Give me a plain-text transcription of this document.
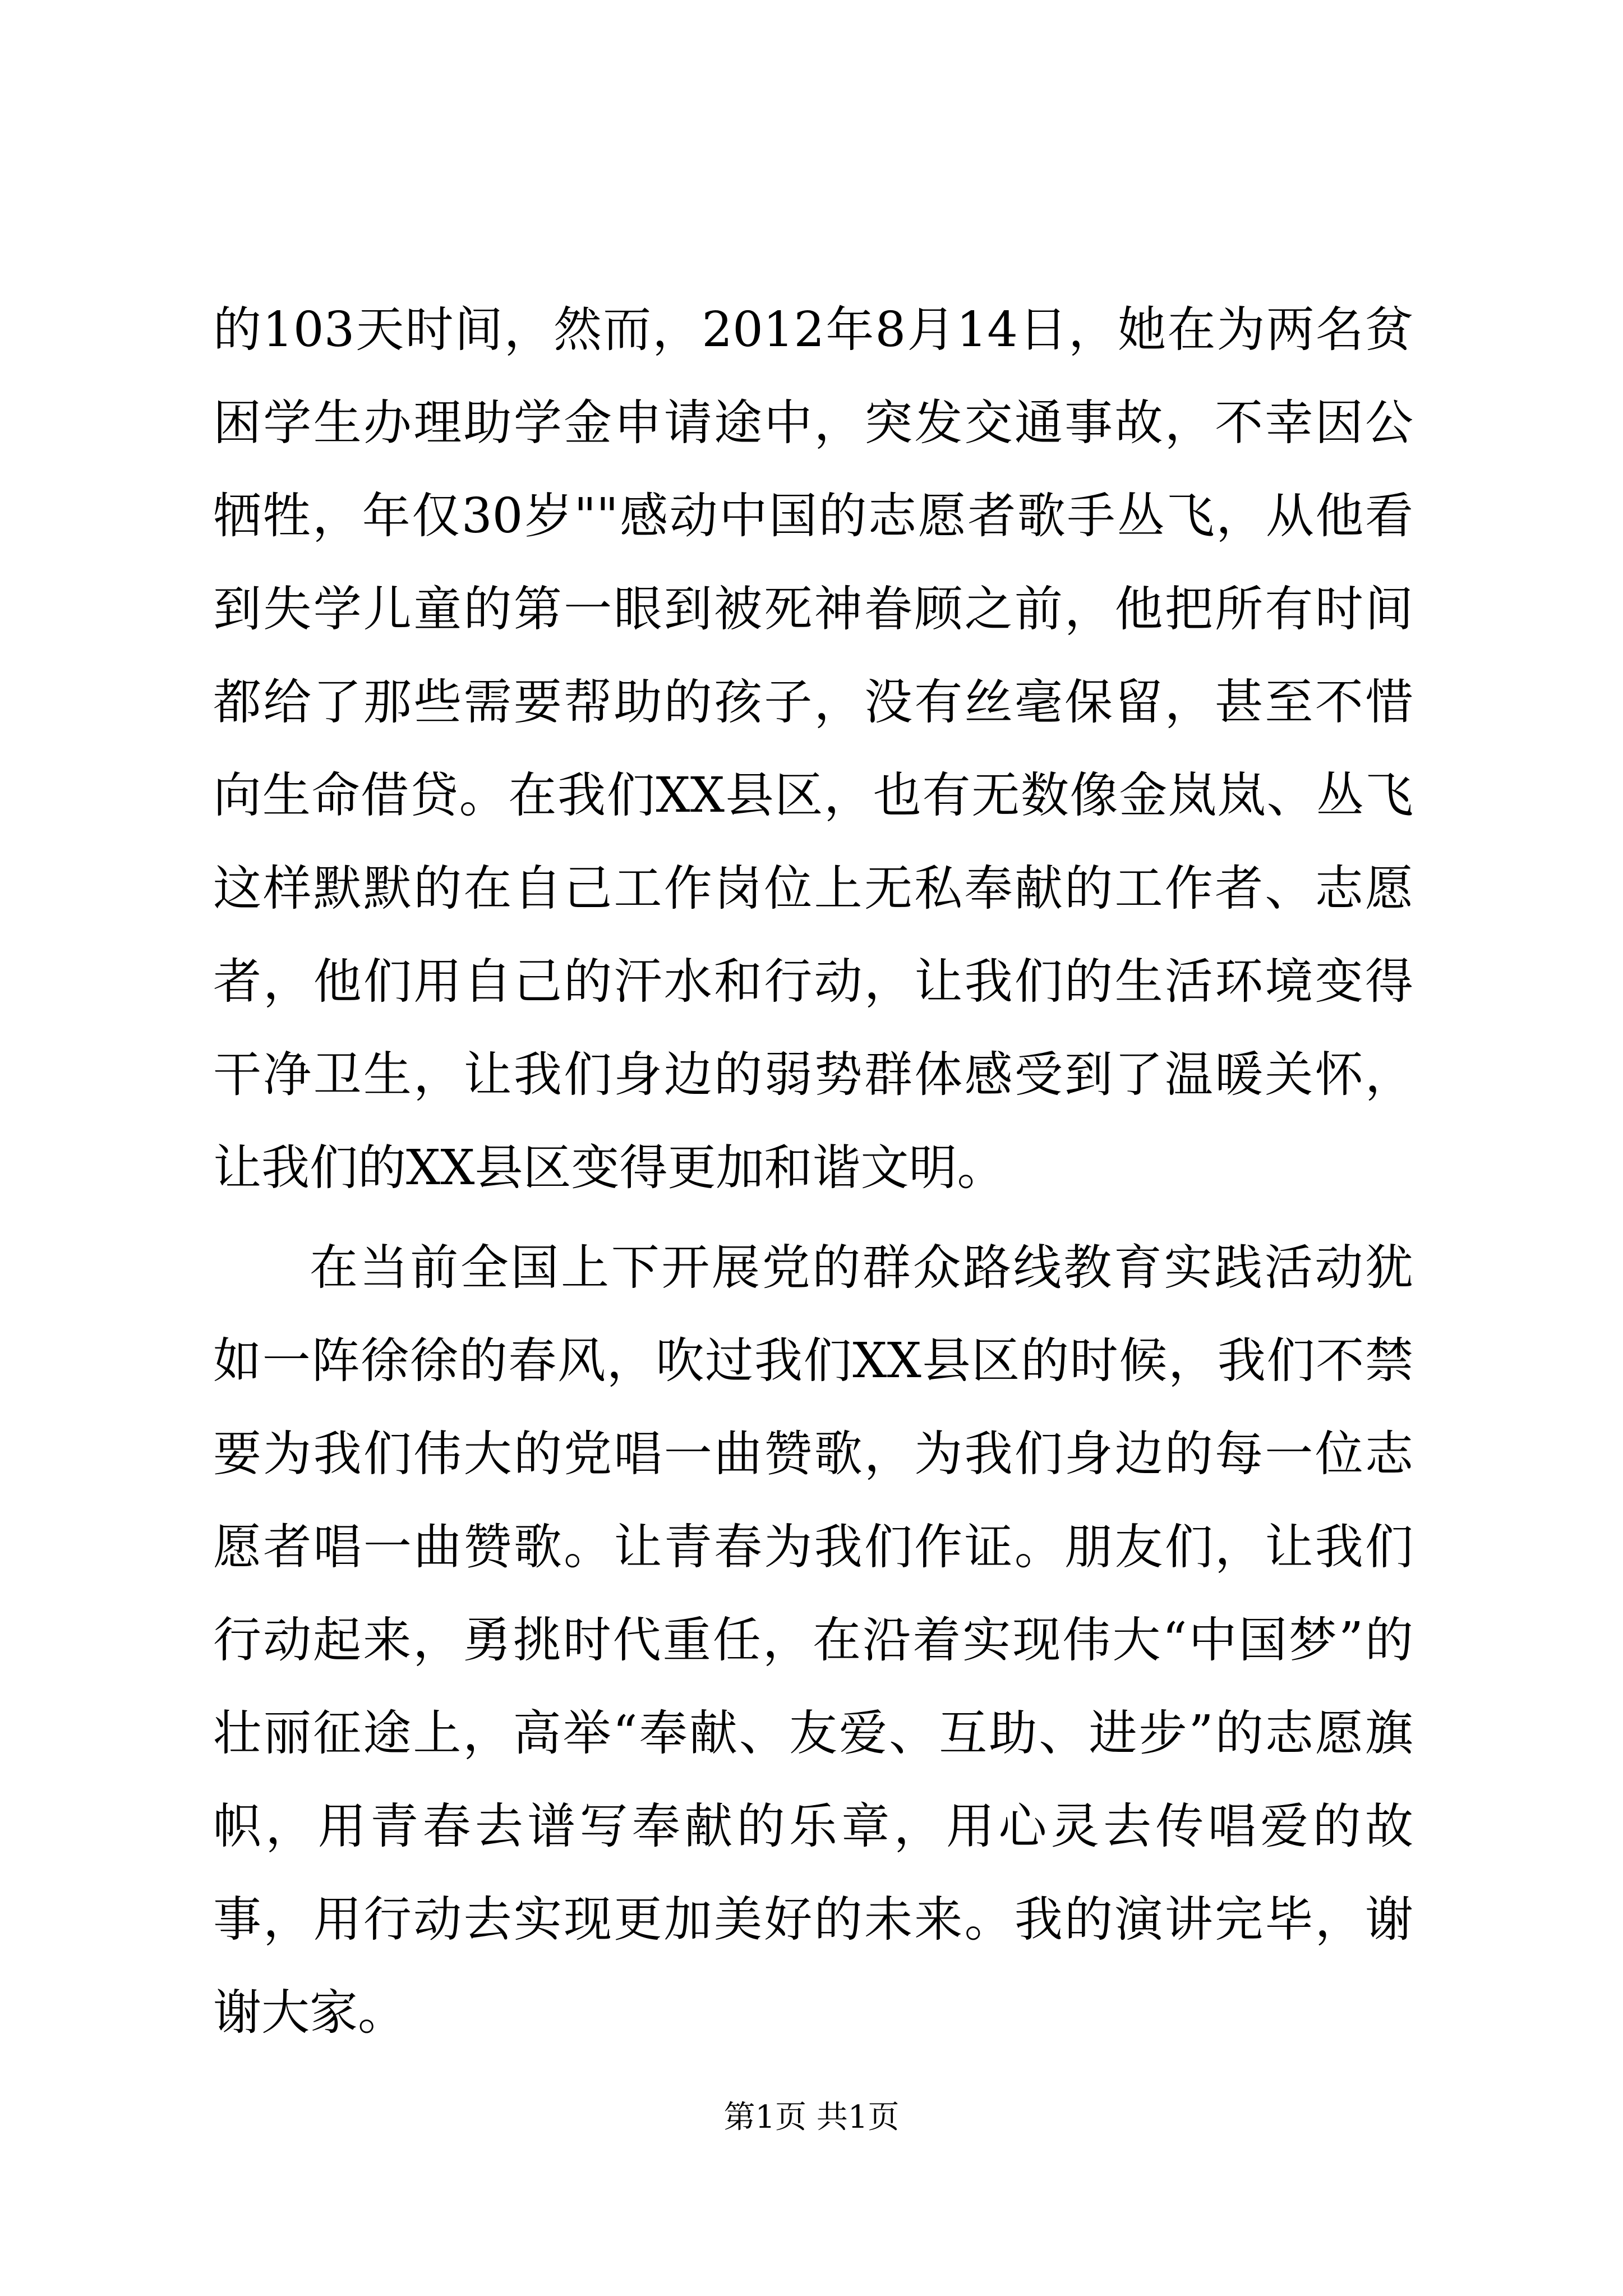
的103天时间，然而，2012年8月14日，她在为两名贫困学生办理助学金申请途中，突发交通事故，不幸因公牺牲，年仅30岁""感动中国的志愿者歌手丛飞，从他看到失学儿童的第一眼到被死神眷顾之前，他把所有时间都给了那些需要帮助的孩子，没有丝毫保留，甚至不惜向生命借贷。在我们XX县区，也有无数像金岚岚、丛飞这样默默的在自己工作岗位上无私奉献的工作者、志愿者，他们用自己的汗水和行动，让我们的生活环境变得干净卫生，让我们身边的弱势群体感受到了温暖关怀，让我们的XX县区变得更加和谐文明。

在当前全国上下开展党的群众路线教育实践活动犹如一阵徐徐的春风，吹过我们XX县区的时候，我们不禁要为我们伟大的党唱一曲赞歌，为我们身边的每一位志愿者唱一曲赞歌。让青春为我们作证。朋友们，让我们行动起来，勇挑时代重任，在沿着实现伟大“中国梦”的壮丽征途上，高举“奉献、友爱、互助、进步”的志愿旗帜，用青春去谱写奉献的乐章，用心灵去传唱爱的故事，用行动去实现更加美好的未来。我的演讲完毕，谢谢大家。

第1页 共1页
